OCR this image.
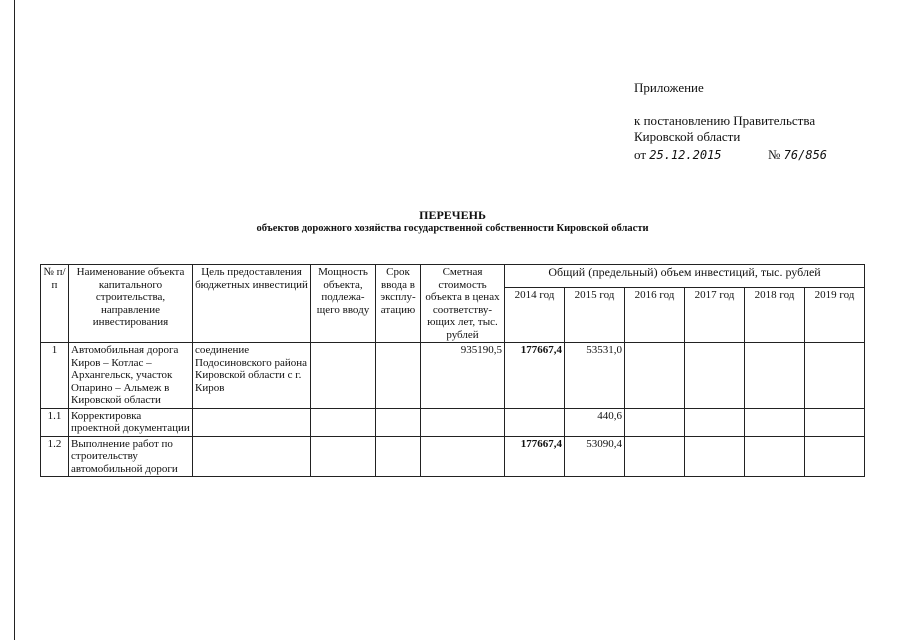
Приложение
к постановлению Правительства
Кировской области
от 25.12.2015	№ 76/856
ПЕРЕЧЕНЬ
объектов дорожного хозяйства государственной собственности Кировской области
№ п/п	Наименование объекта капитального строительства, направление инвестирования	Цель предоставления бюджетных инвестиций	Мощность объекта, подлежа-щего вводу	Срок ввода в эксплу-атацию	Сметная стоимость объекта в ценах соответству-ющих лет, тыс. рублей	Общий (предельный) объем инвестиций, тыс. рублей					
						2014 год	2015 год	2016 год	2017 год	2018 год	2019 год
1	Автомобильная дорога Киров – Котлас – Архангельск, участок Опарино – Альмеж в Кировской области	соединение Подосиновского района Кировской области с г. Киров			935190,5	177667,4	53531,0				
1.1	Корректировка проектной документации						440,6				
1.2	Выполнение работ по строительству автомобильной дороги					177667,4	53090,4				
